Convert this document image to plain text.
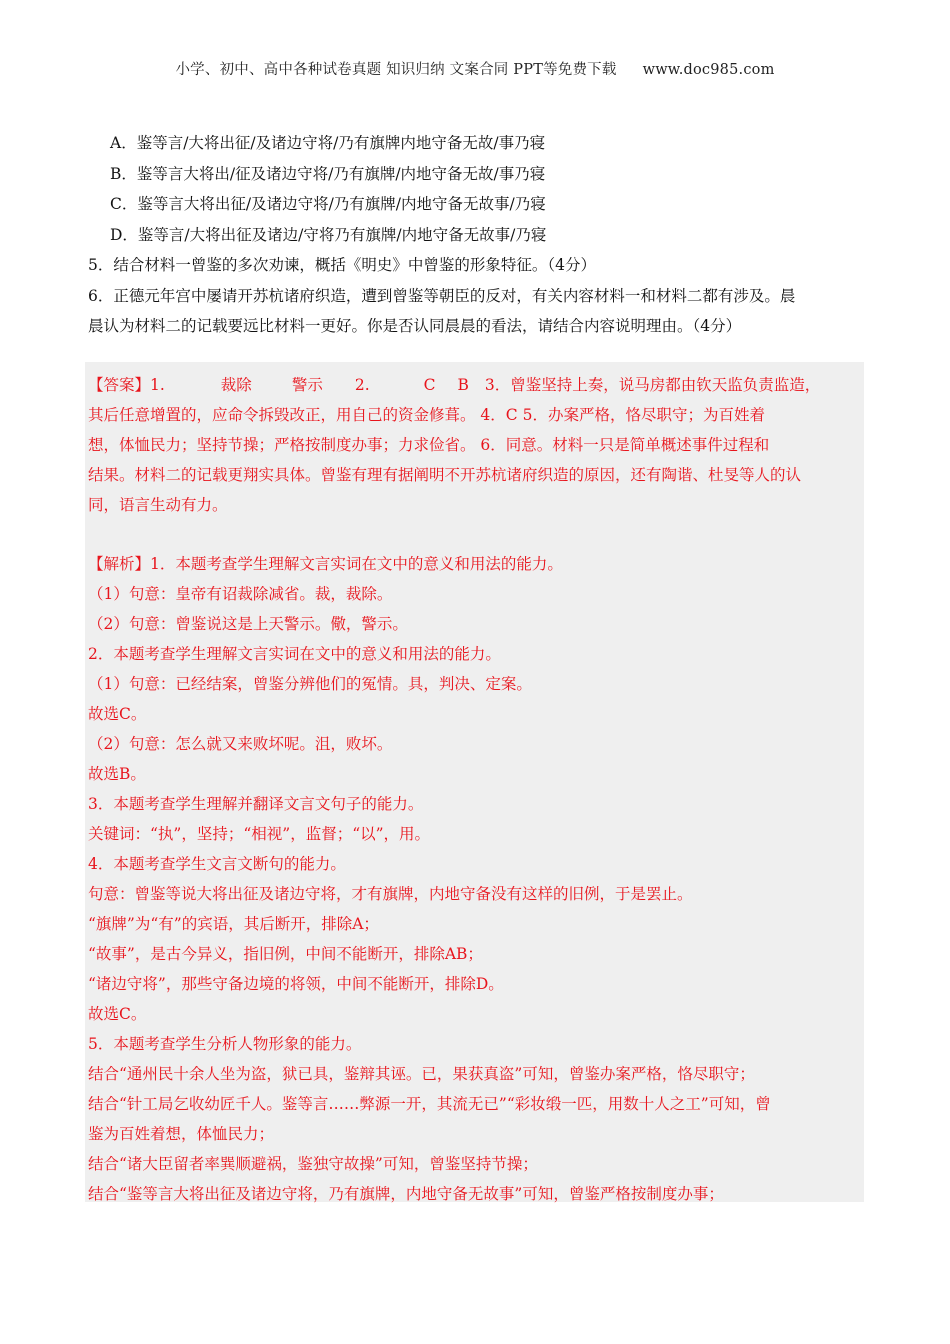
小学、初中、高中各种试卷真题 知识归纳 文案合同 PPT等免费下载 www.doc985.com
A．鉴等言/大将出征/及诸边守将/乃有旗牌内地守备无故/事乃寝
B．鉴等言大将出/征及诸边守将/乃有旗牌/内地守备无故/事乃寝
C．鉴等言大将出征/及诸边守将/乃有旗牌/内地守备无故事/乃寝
D．鉴等言/大将出征及诸边/守将乃有旗牌/内地守备无故事/乃寝
5．结合材料一曾鉴的多次劝谏，概括《明史》中曾鉴的形象特征。（4分）
6．正德元年宫中屡请开苏杭诸府织造，遭到曾鉴等朝臣的反对，有关内容材料一和材料二都有涉及。晨
晨认为材料二的记载要远比材料一更好。你是否认同晨晨的看法，请结合内容说明理由。（4分）
【答案】1.	裁除	警示 2.	C B 3．曾鉴坚持上奏，说马房都由钦天监负责监造，
其后任意增置的，应命令拆毁改正，用自己的资金修葺。 4．C 5．办案严格，恪尽职守；为百姓着
想，体恤民力；坚持节操；严格按制度办事；力求俭省。 6．同意。材料一只是简单概述事件过程和
结果。材料二的记载更翔实具体。曾鉴有理有据阐明不开苏杭诸府织造的原因，还有陶谐、杜旻等人的认
同，语言生动有力。
【解析】1．本题考查学生理解文言实词在文中的意义和用法的能力。
（1）句意：皇帝有诏裁除减省。裁，裁除。
（2）句意：曾鉴说这是上天警示。儆，警示。
2．本题考查学生理解文言实词在文中的意义和用法的能力。
（1）句意：已经结案，曾鉴分辨他们的冤情。具，判决、定案。
故选C。
（2）句意：怎么就又来败坏呢。沮，败坏。
故选B。
3．本题考查学生理解并翻译文言文句子的能力。
关键词：“执”，坚持；“相视”，监督；“以”，用。
4．本题考查学生文言文断句的能力。
句意：曾鉴等说大将出征及诸边守将，才有旗牌，内地守备没有这样的旧例，于是罢止。
“旗牌”为“有”的宾语，其后断开，排除A；
“故事”，是古今异义，指旧例，中间不能断开，排除AB；
“诸边守将”，那些守备边境的将领，中间不能断开，排除D。
故选C。
5．本题考查学生分析人物形象的能力。
结合“通州民十余人坐为盗，狱已具，鉴辩其诬。已，果获真盗”可知，曾鉴办案严格，恪尽职守；
结合“针工局乞收幼匠千人。鉴等言……弊源一开，其流无已”“彩妆缎一匹，用数十人之工”可知，曾
鉴为百姓着想，体恤民力；
结合“诸大臣留者率巽顺避祸，鉴独守故操”可知，曾鉴坚持节操；
结合“鉴等言大将出征及诸边守将，乃有旗牌，内地守备无故事”可知，曾鉴严格按制度办事；
